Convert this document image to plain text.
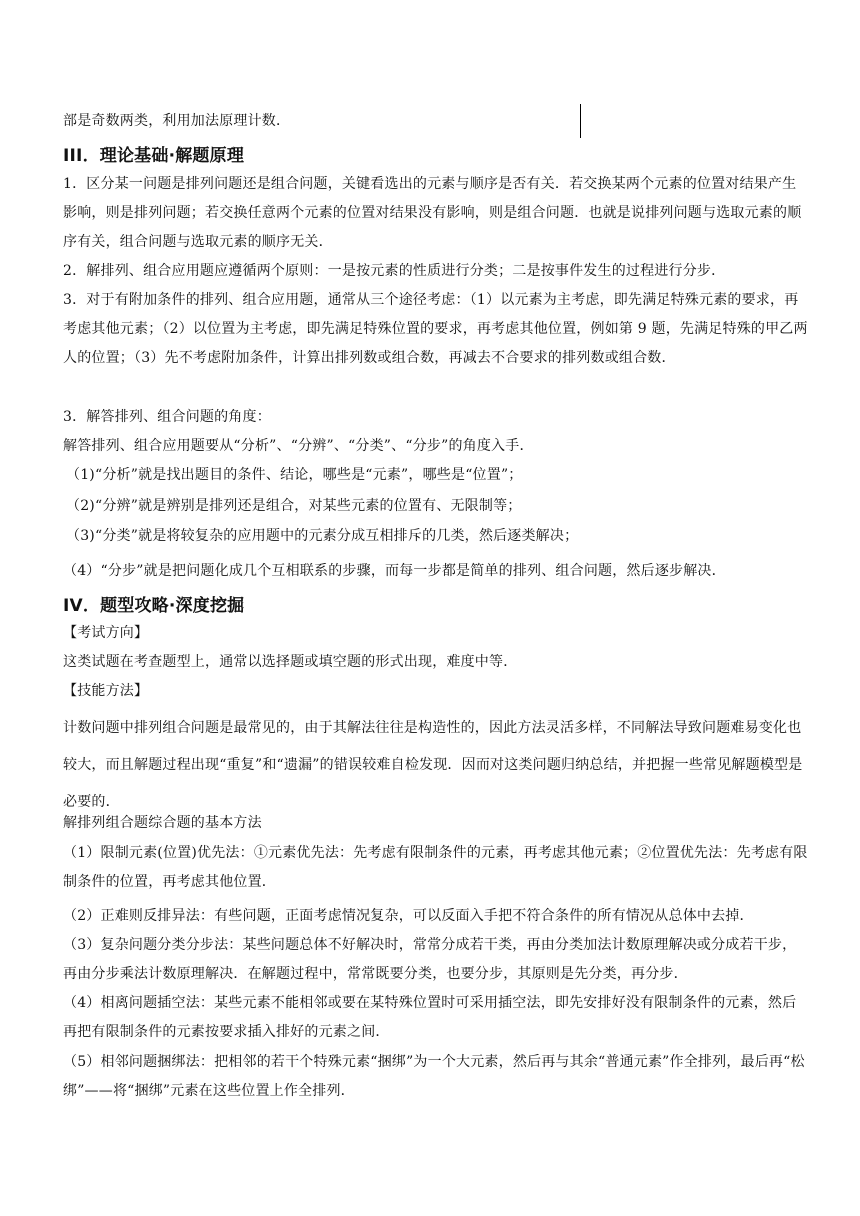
部是奇数两类，利用加法原理计数．

III．理论基础·解题原理

1．区分某一问题是排列问题还是组合问题，关键看选出的元素与顺序是否有关．若交换某两个元素的位置对结果产生影响，则是排列问题；若交换任意两个元素的位置对结果没有影响，则是组合问题．也就是说排列问题与选取元素的顺序有关，组合问题与选取元素的顺序无关．

2．解排列、组合应用题应遵循两个原则：一是按元素的性质进行分类；二是按事件发生的过程进行分步．

3．对于有附加条件的排列、组合应用题，通常从三个途径考虑：（1）以元素为主考虑，即先满足特殊元素的要求，再考虑其他元素；（2）以位置为主考虑，即先满足特殊位置的要求，再考虑其他位置，例如第 9 题，先满足特殊的甲乙两人的位置；（3）先不考虑附加条件，计算出排列数或组合数，再减去不合要求的排列数或组合数．

3．解答排列、组合问题的角度：

解答排列、组合应用题要从“分析”、“分辨”、“分类”、“分步”的角度入手．

（1)“分析”就是找出题目的条件、结论，哪些是“元素”，哪些是“位置”；

（2)“分辨”就是辨别是排列还是组合，对某些元素的位置有、无限制等；

（3)“分类”就是将较复杂的应用题中的元素分成互相排斥的几类，然后逐类解决；

（4）“分步”就是把问题化成几个互相联系的步骤，而每一步都是简单的排列、组合问题，然后逐步解决．

IV．题型攻略·深度挖掘

【考试方向】

这类试题在考查题型上，通常以选择题或填空题的形式出现，难度中等．

【技能方法】

计数问题中排列组合问题是最常见的，由于其解法往往是构造性的，因此方法灵活多样，不同解法导致问题难易变化也较大，而且解题过程出现“重复”和“遗漏”的错误较难自检发现．因而对这类问题归纳总结，并把握一些常见解题模型是必要的．

解排列组合题综合题的基本方法

（1）限制元素(位置)优先法：①元素优先法：先考虑有限制条件的元素，再考虑其他元素；②位置优先法：先考虑有限制条件的位置，再考虑其他位置．

（2）正难则反排异法：有些问题，正面考虑情况复杂，可以反面入手把不符合条件的所有情况从总体中去掉．

（3）复杂问题分类分步法：某些问题总体不好解决时，常常分成若干类，再由分类加法计数原理解决或分成若干步，再由分步乘法计数原理解决．在解题过程中，常常既要分类，也要分步，其原则是先分类，再分步．

（4）相离问题插空法：某些元素不能相邻或要在某特殊位置时可采用插空法，即先安排好没有限制条件的元素，然后再把有限制条件的元素按要求插入排好的元素之间．

（5）相邻问题捆绑法：把相邻的若干个特殊元素“捆绑”为一个大元素，然后再与其余“普通元素”作全排列，最后再“松绑”——将“捆绑”元素在这些位置上作全排列．
